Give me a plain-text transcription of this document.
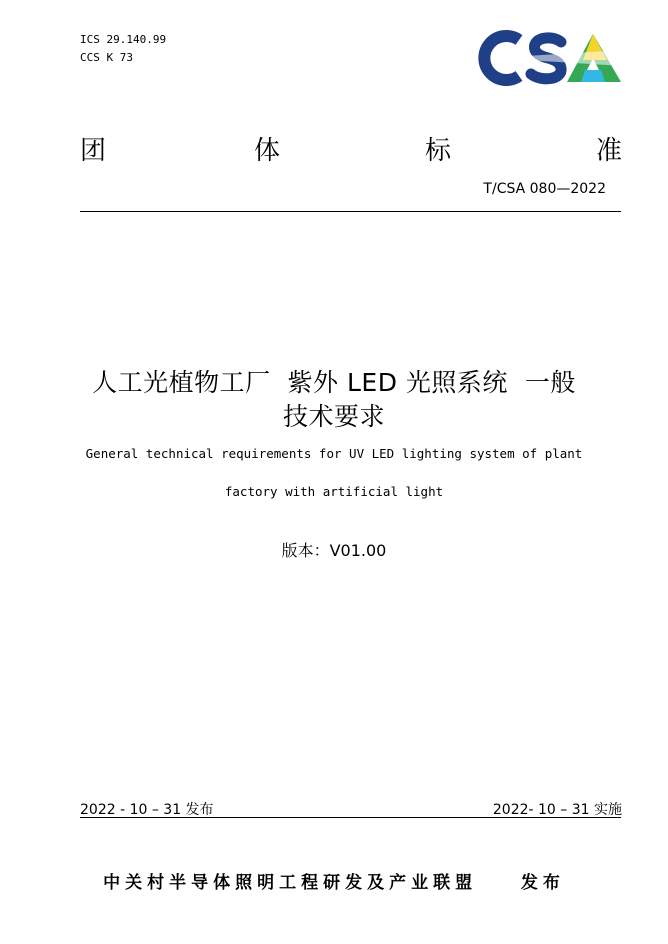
ICS 29.140.99
CCS K 73
团	体	标	准
T/CSA 080—2022
人工光植物工厂  紫外 LED 光照系统  一般
技术要求
General technical requirements for UV LED lighting system of plant
factory with artificial light
版本：V01.00
2022 - 10 – 31 发布	2022- 10 – 31 实施
中关村半导体照明工程研发及产业联盟    发布
